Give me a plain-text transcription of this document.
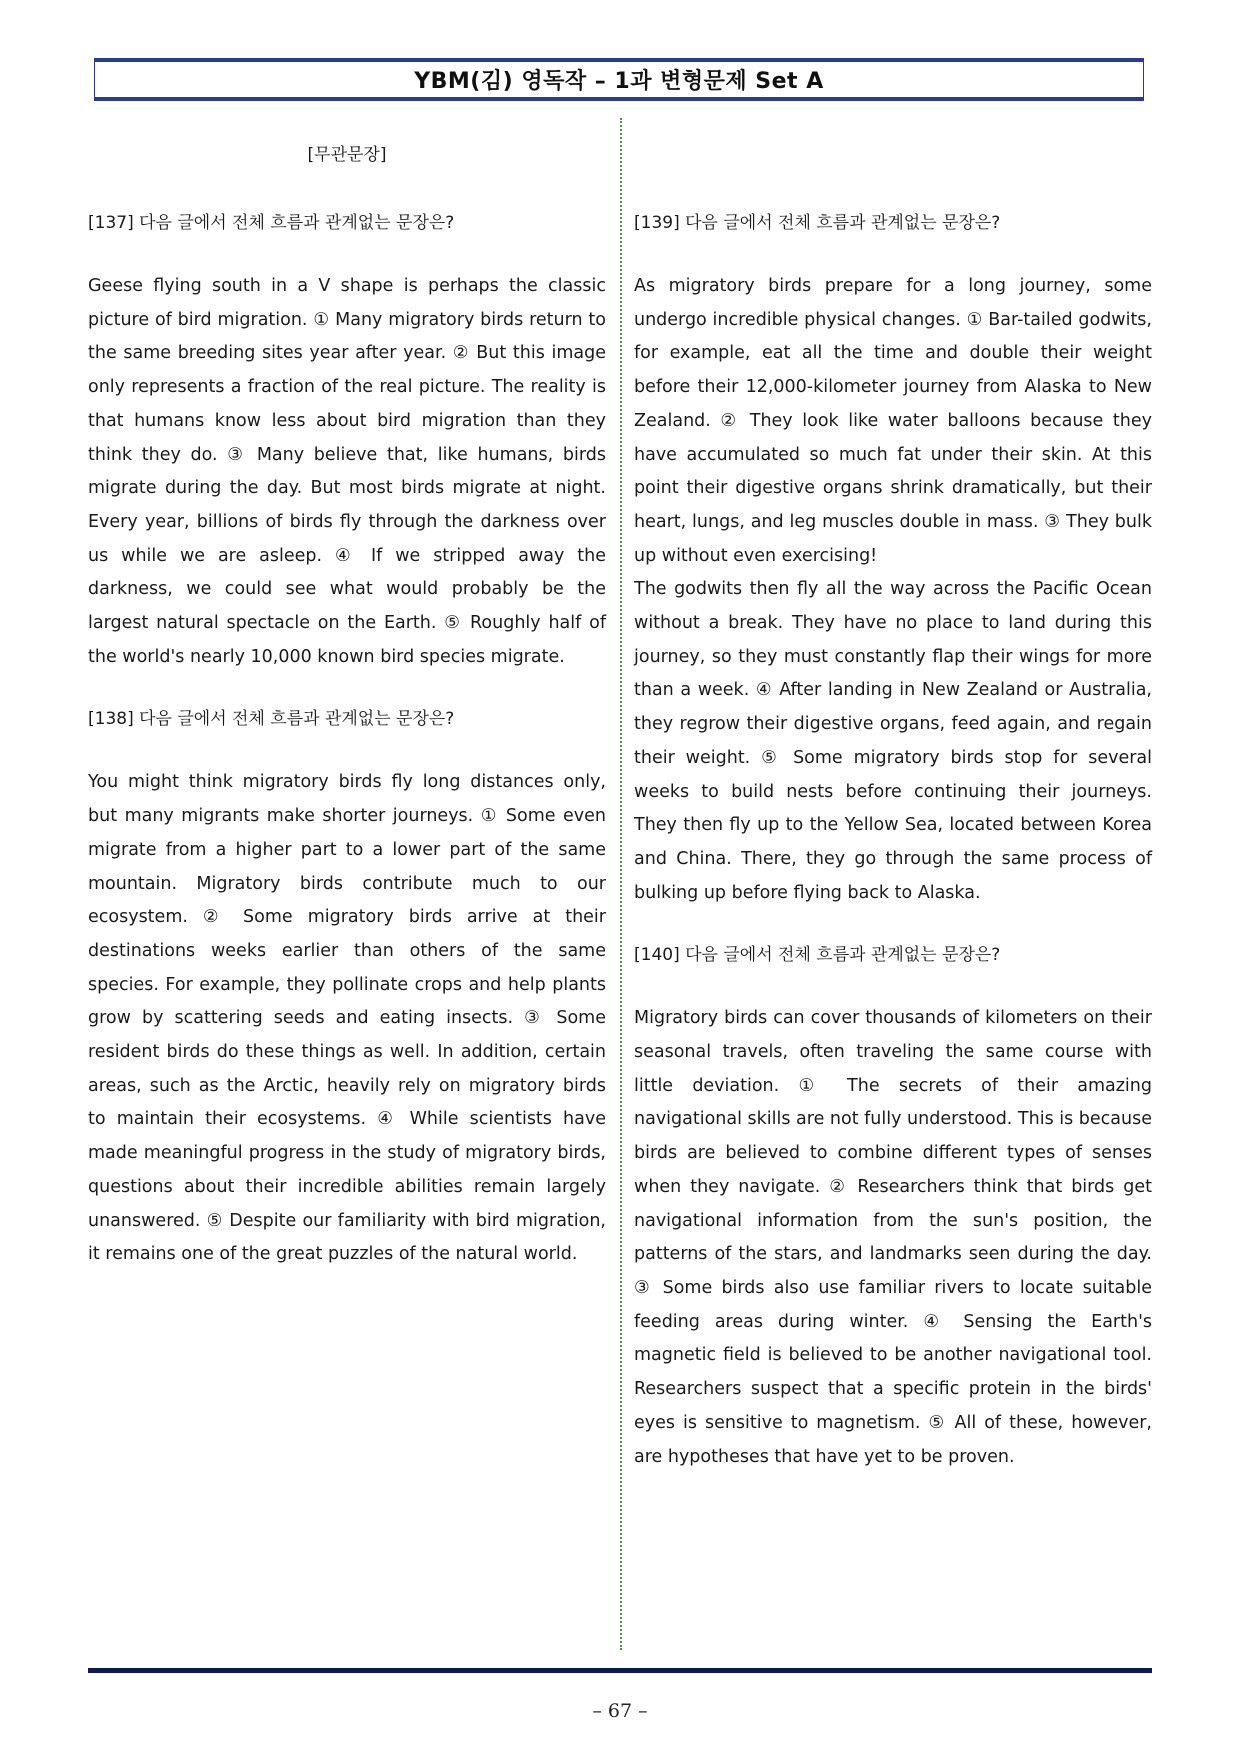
YBM(김) 영독작 – 1과 변형문제 Set A
[무관문장]
[137] 다음 글에서 전체 흐름과 관계없는 문장은?

Geese flying south in a V shape is perhaps the classic picture of bird migration. ① Many migratory birds return to the same breeding sites year after year. ② But this image only represents a fraction of the real picture. The reality is that humans know less about bird migration than they think they do. ③ Many believe that, like humans, birds migrate during the day. But most birds migrate at night. Every year, billions of birds fly through the darkness over us while we are asleep. ④ If we stripped away the darkness, we could see what would probably be the largest natural spectacle on the Earth. ⑤ Roughly half of the world's nearly 10,000 known bird species migrate.

[138] 다음 글에서 전체 흐름과 관계없는 문장은?

You might think migratory birds fly long distances only, but many migrants make shorter journeys. ① Some even migrate from a higher part to a lower part of the same mountain. Migratory birds contribute much to our ecosystem. ② Some migratory birds arrive at their destinations weeks earlier than others of the same species. For example, they pollinate crops and help plants grow by scattering seeds and eating insects. ③ Some resident birds do these things as well. In addition, certain areas, such as the Arctic, heavily rely on migratory birds to maintain their ecosystems. ④ While scientists have made meaningful progress in the study of migratory birds, questions about their incredible abilities remain largely unanswered. ⑤ Despite our familiarity with bird migration, it remains one of the great puzzles of the natural world.

[139] 다음 글에서 전체 흐름과 관계없는 문장은?

As migratory birds prepare for a long journey, some undergo incredible physical changes. ① Bar-tailed godwits, for example, eat all the time and double their weight before their 12,000-kilometer journey from Alaska to New Zealand. ② They look like water balloons because they have accumulated so much fat under their skin. At this point their digestive organs shrink dramatically, but their heart, lungs, and leg muscles double in mass. ③ They bulk up without even exercising!

The godwits then fly all the way across the Pacific Ocean without a break. They have no place to land during this journey, so they must constantly flap their wings for more than a week. ④ After landing in New Zealand or Australia, they regrow their digestive organs, feed again, and regain their weight. ⑤ Some migratory birds stop for several weeks to build nests before continuing their journeys. They then fly up to the Yellow Sea, located between Korea and China. There, they go through the same process of bulking up before flying back to Alaska.

[140] 다음 글에서 전체 흐름과 관계없는 문장은?

Migratory birds can cover thousands of kilometers on their seasonal travels, often traveling the same course with little deviation. ① The secrets of their amazing navigational skills are not fully understood. This is because birds are believed to combine different types of senses when they navigate. ② Researchers think that birds get navigational information from the sun's position, the patterns of the stars, and landmarks seen during the day. ③ Some birds also use familiar rivers to locate suitable feeding areas during winter. ④ Sensing the Earth's magnetic field is believed to be another navigational tool. Researchers suspect that a specific protein in the birds' eyes is sensitive to magnetism. ⑤ All of these, however, are hypotheses that have yet to be proven.

– 67 –
